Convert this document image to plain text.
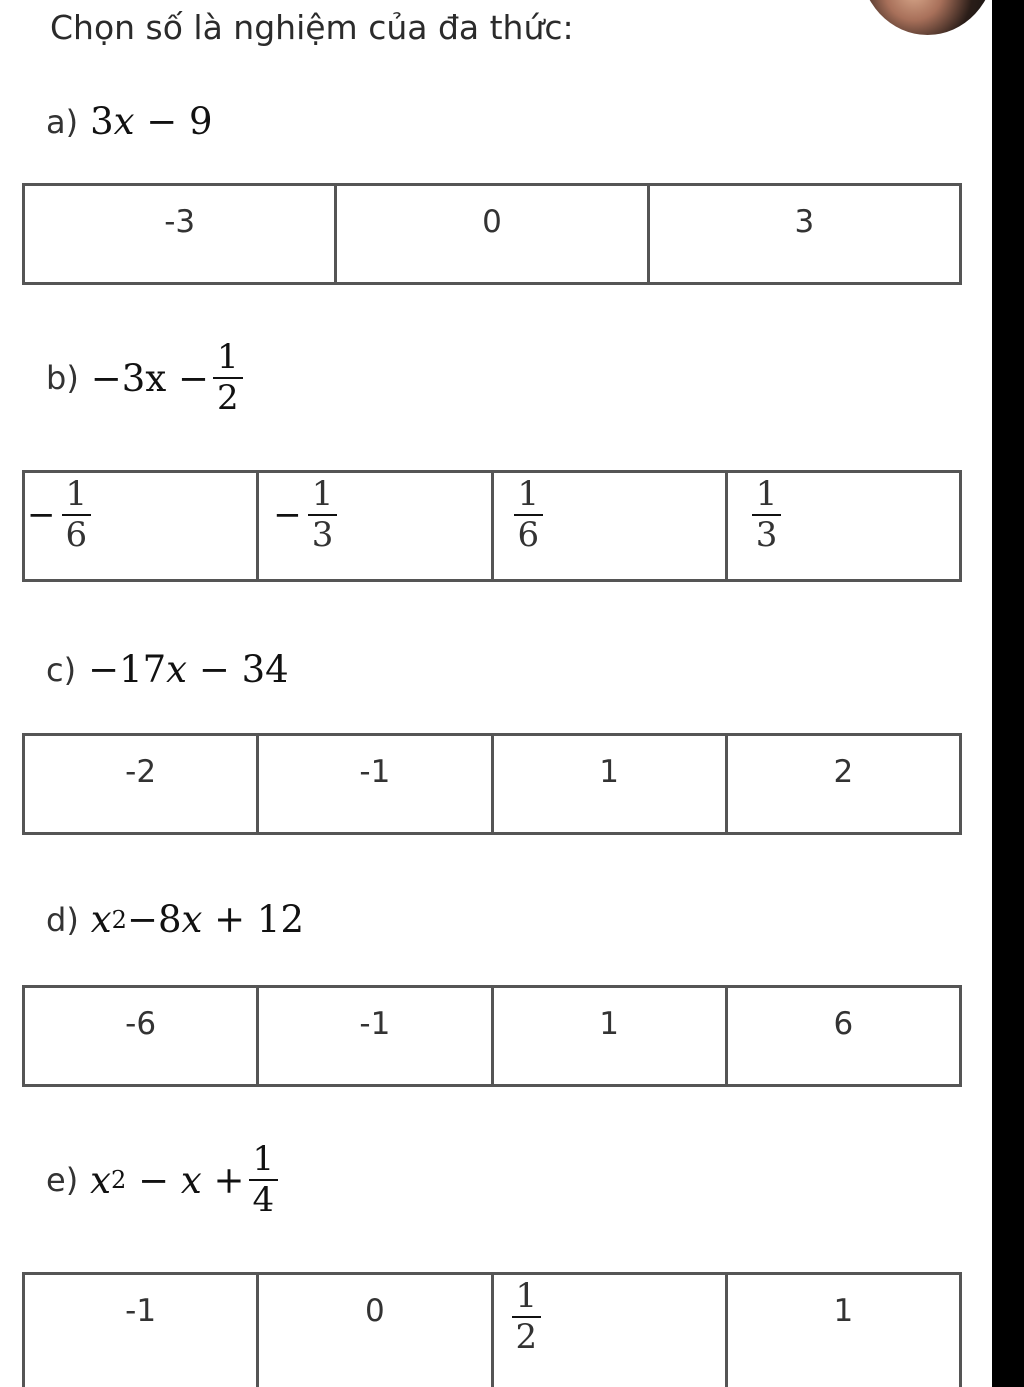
Chọn số là nghiệm của đa thức:
a) 3 x
− 9
-3	0	3
$b) -3x - \frac{1}{2}$
− $\frac{1}{6}$	− $\frac{1}{3}$	$\frac{1}{6}$	$\frac{1}{3}$
c) −17 x
− 34
-2	-1	1	2
d) x 2 −8 x
+ 12
-6	-1	1	6
e) x 2
−
x
+ $\frac{1}{4}$
-1	0	$\frac{1}{2}$	1
